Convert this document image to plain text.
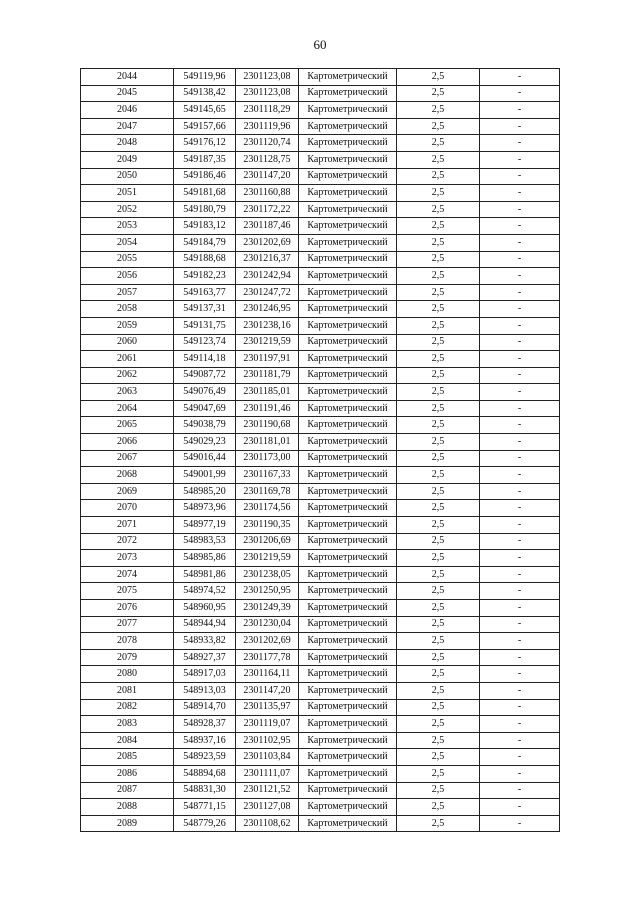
60
2044	549119,96	2301123,08	Картометрический	2,5	-
2045	549138,42	2301123,08	Картометрический	2,5	-
2046	549145,65	2301118,29	Картометрический	2,5	-
2047	549157,66	2301119,96	Картометрический	2,5	-
2048	549176,12	2301120,74	Картометрический	2,5	-
2049	549187,35	2301128,75	Картометрический	2,5	-
2050	549186,46	2301147,20	Картометрический	2,5	-
2051	549181,68	2301160,88	Картометрический	2,5	-
2052	549180,79	2301172,22	Картометрический	2,5	-
2053	549183,12	2301187,46	Картометрический	2,5	-
2054	549184,79	2301202,69	Картометрический	2,5	-
2055	549188,68	2301216,37	Картометрический	2,5	-
2056	549182,23	2301242,94	Картометрический	2,5	-
2057	549163,77	2301247,72	Картометрический	2,5	-
2058	549137,31	2301246,95	Картометрический	2,5	-
2059	549131,75	2301238,16	Картометрический	2,5	-
2060	549123,74	2301219,59	Картометрический	2,5	-
2061	549114,18	2301197,91	Картометрический	2,5	-
2062	549087,72	2301181,79	Картометрический	2,5	-
2063	549076,49	2301185,01	Картометрический	2,5	-
2064	549047,69	2301191,46	Картометрический	2,5	-
2065	549038,79	2301190,68	Картометрический	2,5	-
2066	549029,23	2301181,01	Картометрический	2,5	-
2067	549016,44	2301173,00	Картометрический	2,5	-
2068	549001,99	2301167,33	Картометрический	2,5	-
2069	548985,20	2301169,78	Картометрический	2,5	-
2070	548973,96	2301174,56	Картометрический	2,5	-
2071	548977,19	2301190,35	Картометрический	2,5	-
2072	548983,53	2301206,69	Картометрический	2,5	-
2073	548985,86	2301219,59	Картометрический	2,5	-
2074	548981,86	2301238,05	Картометрический	2,5	-
2075	548974,52	2301250,95	Картометрический	2,5	-
2076	548960,95	2301249,39	Картометрический	2,5	-
2077	548944,94	2301230,04	Картометрический	2,5	-
2078	548933,82	2301202,69	Картометрический	2,5	-
2079	548927,37	2301177,78	Картометрический	2,5	-
2080	548917,03	2301164,11	Картометрический	2,5	-
2081	548913,03	2301147,20	Картометрический	2,5	-
2082	548914,70	2301135,97	Картометрический	2,5	-
2083	548928,37	2301119,07	Картометрический	2,5	-
2084	548937,16	2301102,95	Картометрический	2,5	-
2085	548923,59	2301103,84	Картометрический	2,5	-
2086	548894,68	2301111,07	Картометрический	2,5	-
2087	548831,30	2301121,52	Картометрический	2,5	-
2088	548771,15	2301127,08	Картометрический	2,5	-
2089	548779,26	2301108,62	Картометрический	2,5	-
